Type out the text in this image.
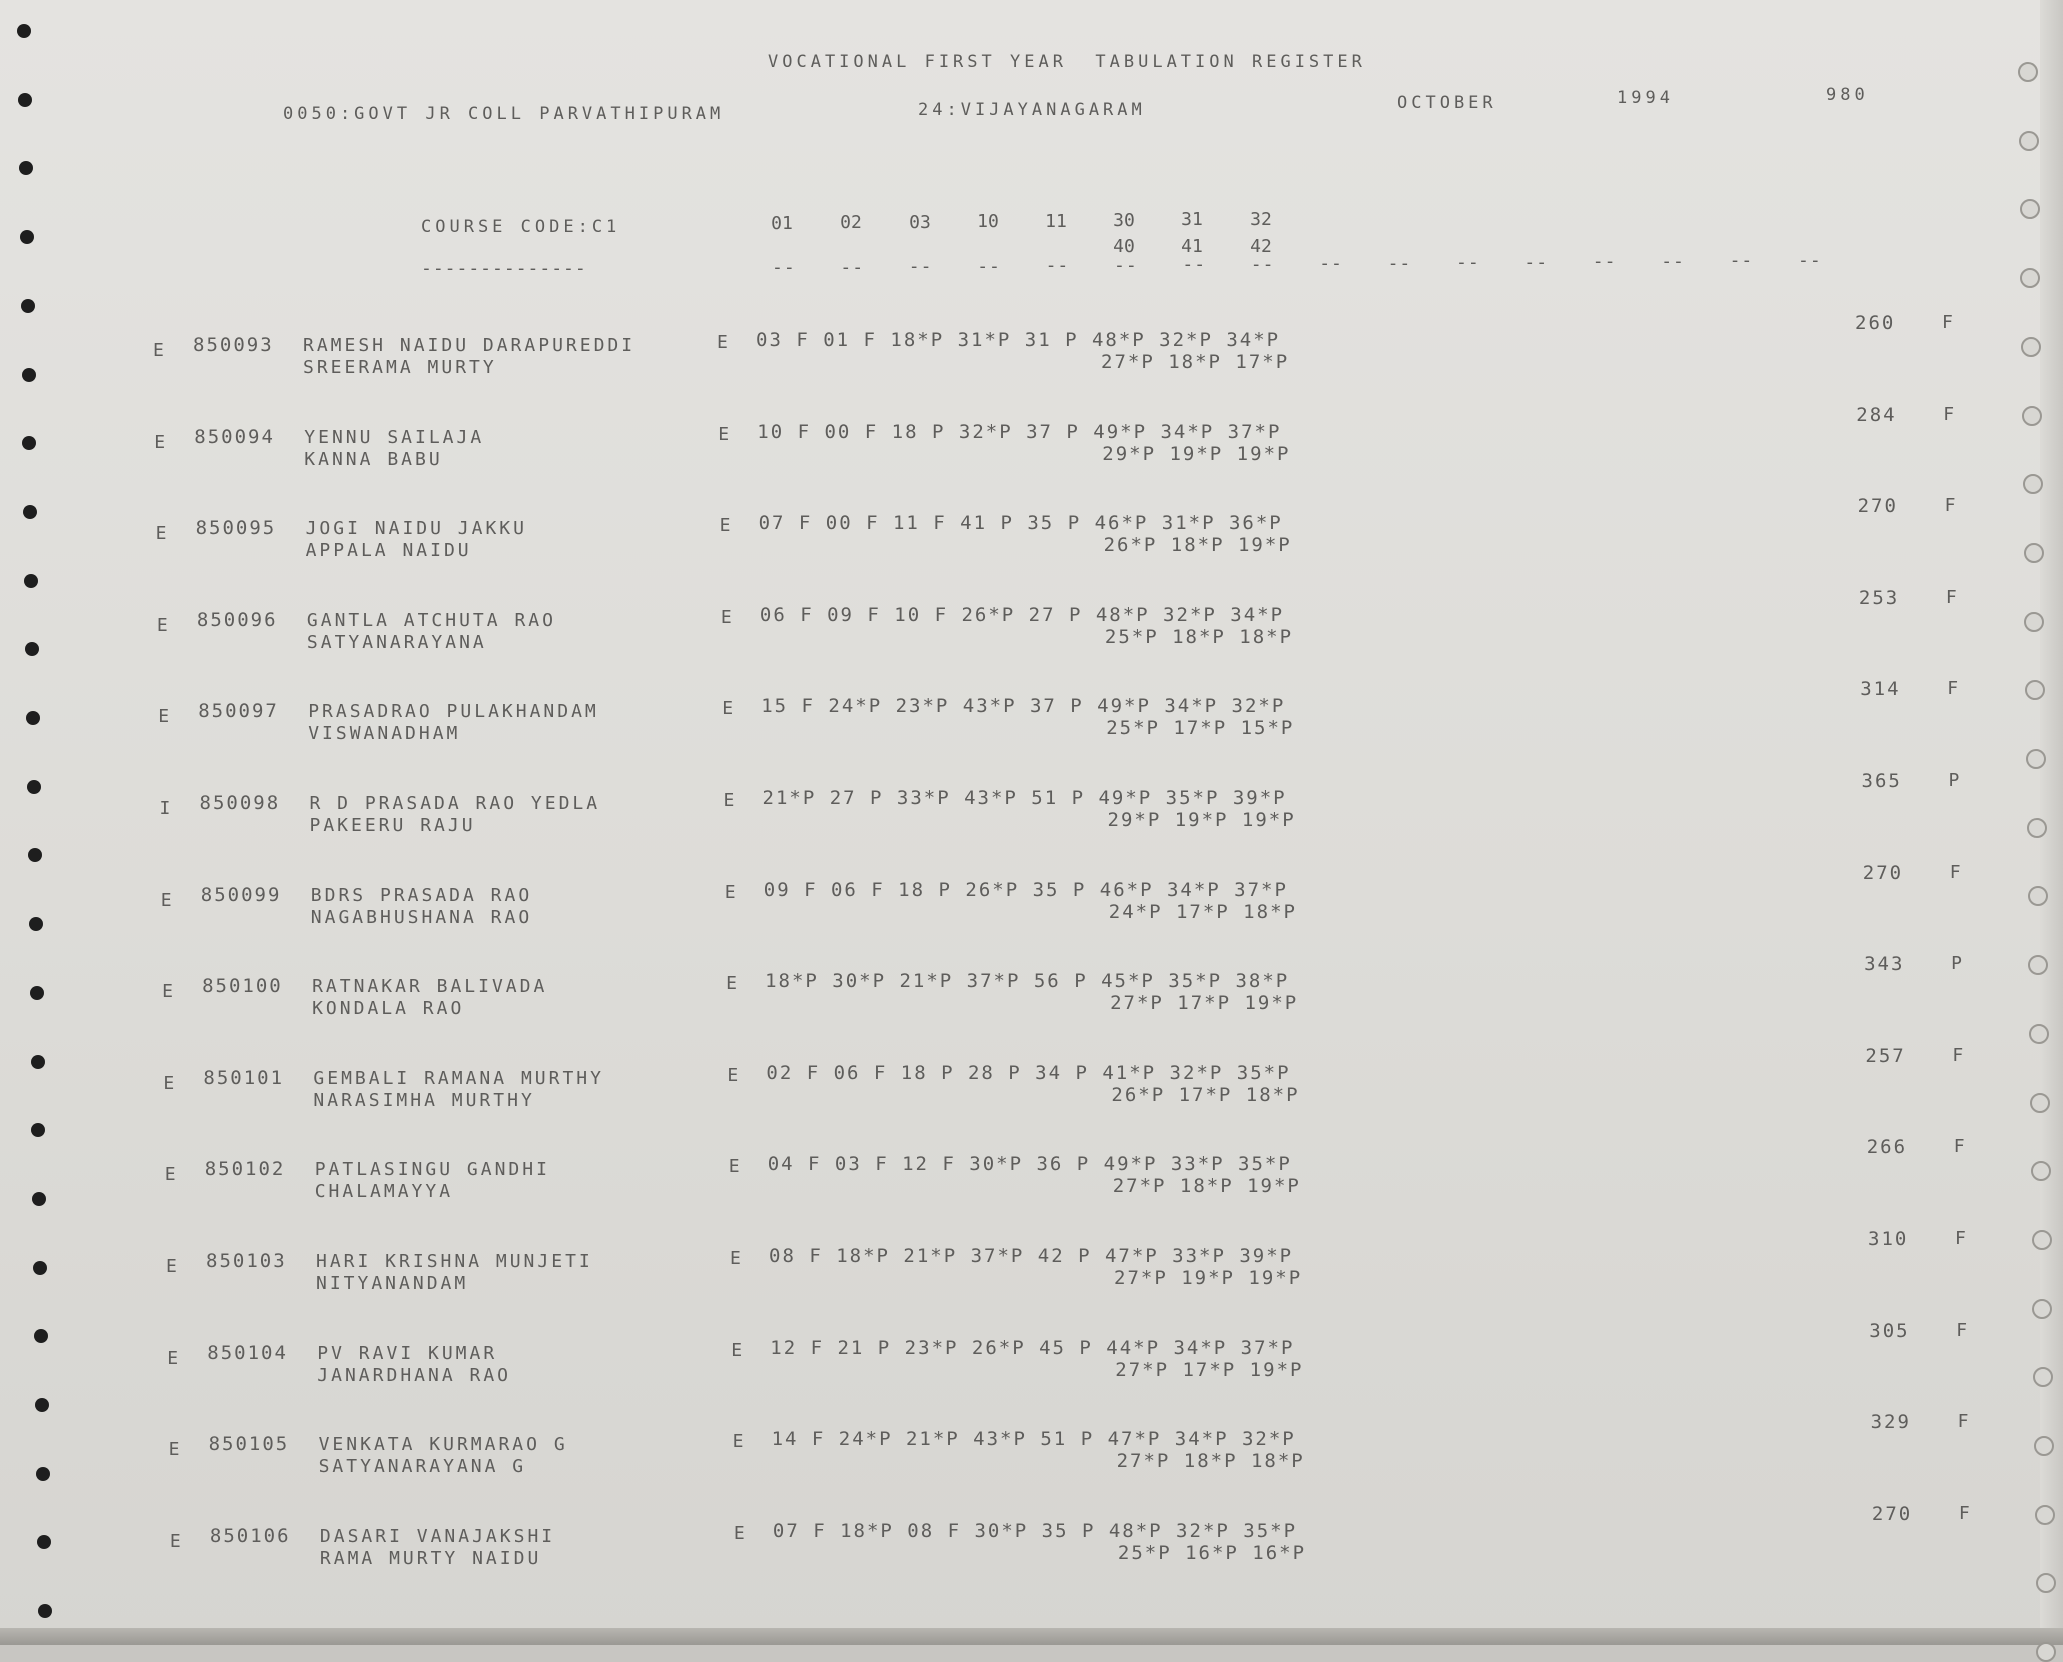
VOCATIONAL FIRST YEAR  TABULATION REGISTER
0050:GOVT JR COLL PARVATHIPURAM	24:VIJAYANAGARAM	OCTOBER	1994	980
COURSE CODE:C1
--------------
01	02	03	10	11	30	31	32
40	41	42
-- -- -- -- -- -- -- -- -- -- -- -- -- -- -- --
E 850093 RAMESH NAIDU DARAPUREDDI
SREERAMA MURTY
E 03 F 01 F 18*P 31*P 31 P 48*P 32*P 34*P
27*P 18*P 17*P
260	F
E 850094 YENNU SAILAJA
KANNA BABU
E 10 F 00 F 18 P 32*P 37 P 49*P 34*P 37*P
29*P 19*P 19*P
284	F
E 850095 JOGI NAIDU JAKKU
APPALA NAIDU
E 07 F 00 F 11 F 41 P 35 P 46*P 31*P 36*P
26*P 18*P 19*P
270	F
E 850096 GANTLA ATCHUTA RAO
SATYANARAYANA
E 06 F 09 F 10 F 26*P 27 P 48*P 32*P 34*P
25*P 18*P 18*P
253	F
E 850097 PRASADRAO PULAKHANDAM
VISWANADHAM
E 15 F 24*P 23*P 43*P 37 P 49*P 34*P 32*P
25*P 17*P 15*P
314	F
I 850098 R D PRASADA RAO YEDLA
PAKEERU RAJU
E 21*P 27 P 33*P 43*P 51 P 49*P 35*P 39*P
29*P 19*P 19*P
365	P
E 850099 BDRS PRASADA RAO
NAGABHUSHANA RAO
E 09 F 06 F 18 P 26*P 35 P 46*P 34*P 37*P
24*P 17*P 18*P
270	F
E 850100 RATNAKAR BALIVADA
KONDALA RAO
E 18*P 30*P 21*P 37*P 56 P 45*P 35*P 38*P
27*P 17*P 19*P
343	P
E 850101 GEMBALI RAMANA MURTHY
NARASIMHA MURTHY
E 02 F 06 F 18 P 28 P 34 P 41*P 32*P 35*P
26*P 17*P 18*P
257	F
E 850102 PATLASINGU GANDHI
CHALAMAYYA
E 04 F 03 F 12 F 30*P 36 P 49*P 33*P 35*P
27*P 18*P 19*P
266	F
E 850103 HARI KRISHNA MUNJETI
NITYANANDAM
E 08 F 18*P 21*P 37*P 42 P 47*P 33*P 39*P
27*P 19*P 19*P
310	F
E 850104 PV RAVI KUMAR
JANARDHANA RAO
E 12 F 21 P 23*P 26*P 45 P 44*P 34*P 37*P
27*P 17*P 19*P
305	F
E 850105 VENKATA KURMARAO G
SATYANARAYANA G
E 14 F 24*P 21*P 43*P 51 P 47*P 34*P 32*P
27*P 18*P 18*P
329	F
E 850106 DASARI VANAJAKSHI
RAMA MURTY NAIDU
E 07 F 18*P 08 F 30*P 35 P 48*P 32*P 35*P
25*P 16*P 16*P
270	F
